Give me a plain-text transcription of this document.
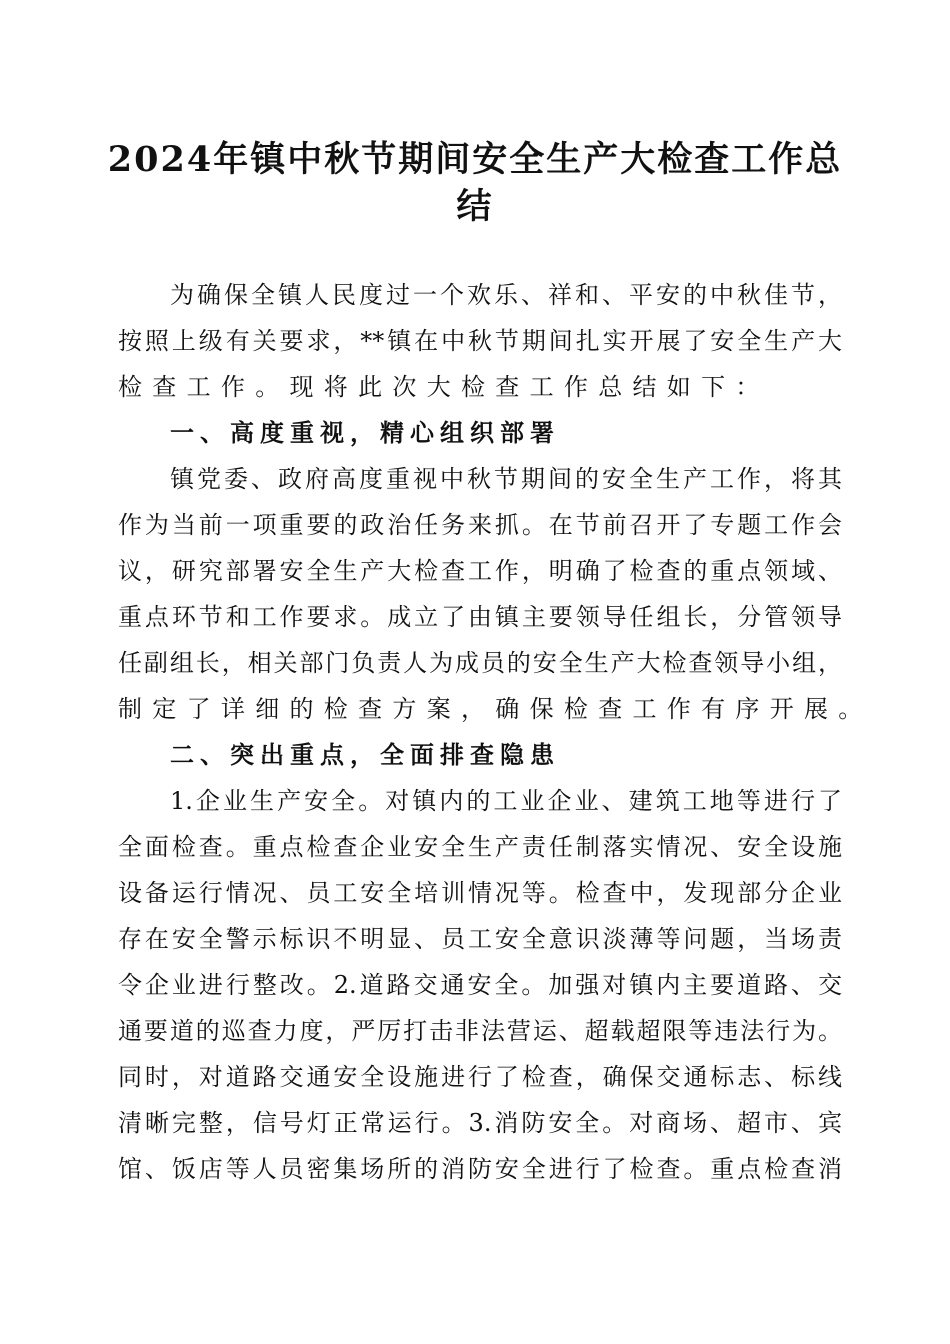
2024年镇中秋节期间安全生产大检查工作总
结
为确保全镇人民度过一个欢乐、祥和、平安的中秋佳节，
按照上级有关要求，**镇在中秋节期间扎实开展了安全生产大
检查工作。现将此次大检查工作总结如下：
一、高度重视，精心组织部署
镇党委、政府高度重视中秋节期间的安全生产工作，将其
作为当前一项重要的政治任务来抓。在节前召开了专题工作会
议，研究部署安全生产大检查工作，明确了检查的重点领域、
重点环节和工作要求。成立了由镇主要领导任组长，分管领导
任副组长，相关部门负责人为成员的安全生产大检查领导小组，
制定了详细的检查方案，确保检查工作有序开展。
二、突出重点，全面排查隐患
1.企业生产安全。对镇内的工业企业、建筑工地等进行了
全面检查。重点检查企业安全生产责任制落实情况、安全设施
设备运行情况、员工安全培训情况等。检查中，发现部分企业
存在安全警示标识不明显、员工安全意识淡薄等问题，当场责
令企业进行整改。2.道路交通安全。加强对镇内主要道路、交
通要道的巡查力度，严厉打击非法营运、超载超限等违法行为。
同时，对道路交通安全设施进行了检查，确保交通标志、标线
清晰完整，信号灯正常运行。3.消防安全。对商场、超市、宾
馆、饭店等人员密集场所的消防安全进行了检查。重点检查消
